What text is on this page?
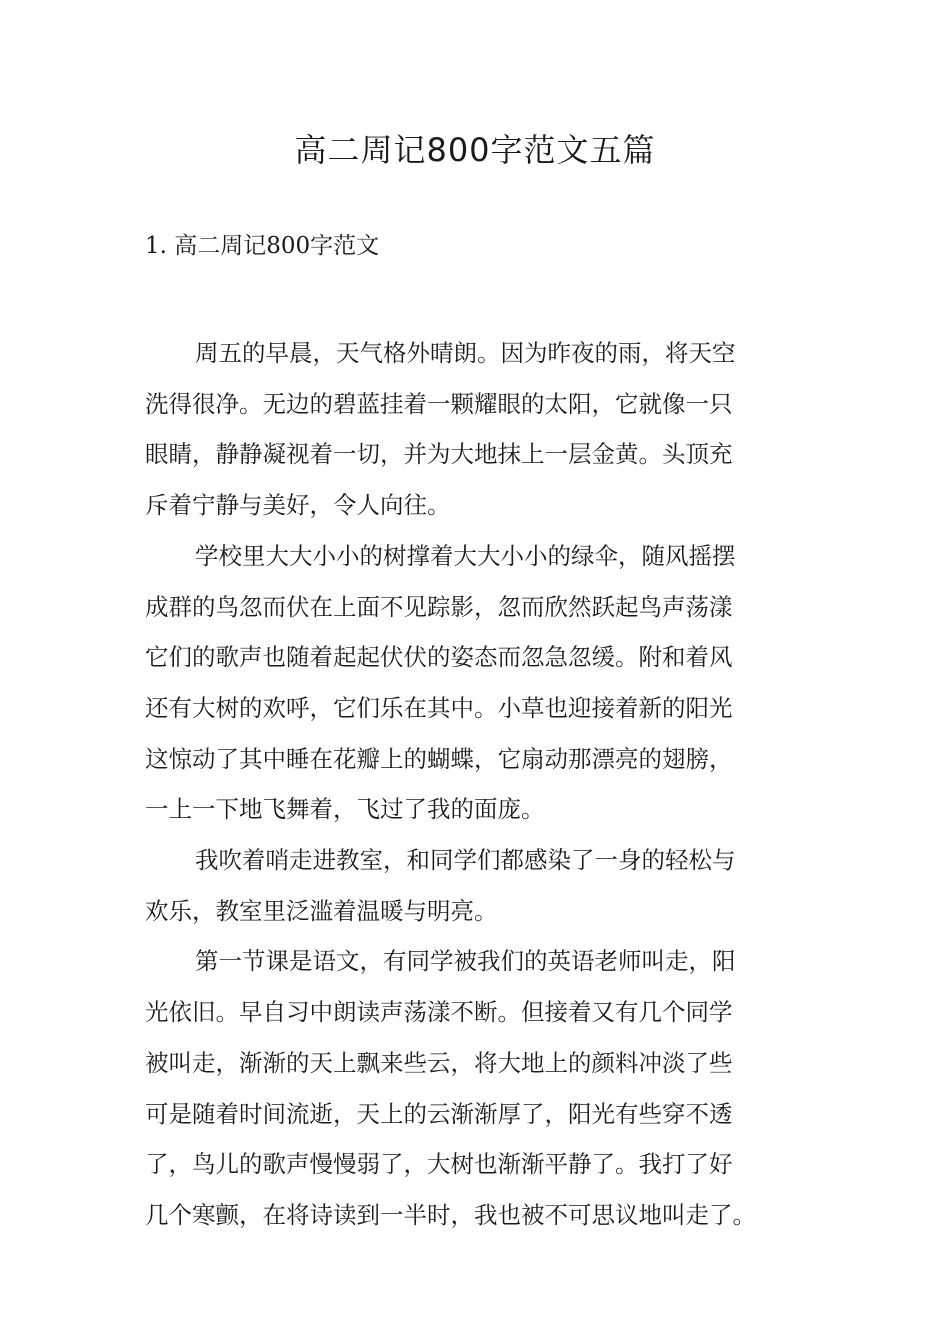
高二周记800字范文五篇
1. 高二周记800字范文

周五的早晨，天气格外晴朗。因为昨夜的雨，将天空
洗得很净。无边的碧蓝挂着一颗耀眼的太阳，它就像一只
眼睛，静静凝视着一切，并为大地抹上一层金黄。头顶充
斥着宁静与美好，令人向往。

学校里大大小小的树撑着大大小小的绿伞，随风摇摆
成群的鸟忽而伏在上面不见踪影，忽而欣然跃起鸟声荡漾
它们的歌声也随着起起伏伏的姿态而忽急忽缓。附和着风
还有大树的欢呼，它们乐在其中。小草也迎接着新的阳光
这惊动了其中睡在花瓣上的蝴蝶，它扇动那漂亮的翅膀，
一上一下地飞舞着，飞过了我的面庞。

我吹着哨走进教室，和同学们都感染了一身的轻松与
欢乐，教室里泛滥着温暖与明亮。

第一节课是语文，有同学被我们的英语老师叫走，阳
光依旧。早自习中朗读声荡漾不断。但接着又有几个同学
被叫走，渐渐的天上飘来些云，将大地上的颜料冲淡了些
可是随着时间流逝，天上的云渐渐厚了，阳光有些穿不透
了，鸟儿的歌声慢慢弱了，大树也渐渐平静了。我打了好
几个寒颤，在将诗读到一半时，我也被不可思议地叫走了。
